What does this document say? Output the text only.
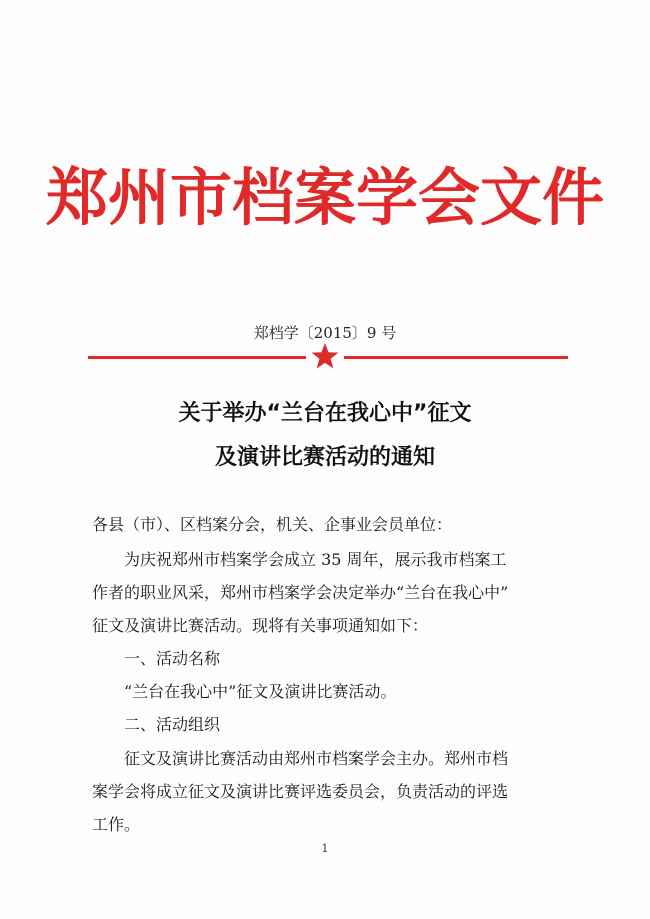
郑州市档案学会文件
郑档学〔2015〕9 号
关于举办“兰台在我心中”征文
及演讲比赛活动的通知
各县（市）、区档案分会，机关、企事业会员单位：
为庆祝郑州市档案学会成立 35 周年，展示我市档案工
作者的职业风采，郑州市档案学会决定举办“兰台在我心中”
征文及演讲比赛活动。现将有关事项通知如下：
一、活动名称
“兰台在我心中”征文及演讲比赛活动。
二、活动组织
征文及演讲比赛活动由郑州市档案学会主办。郑州市档
案学会将成立征文及演讲比赛评选委员会，负责活动的评选
工作。
1
